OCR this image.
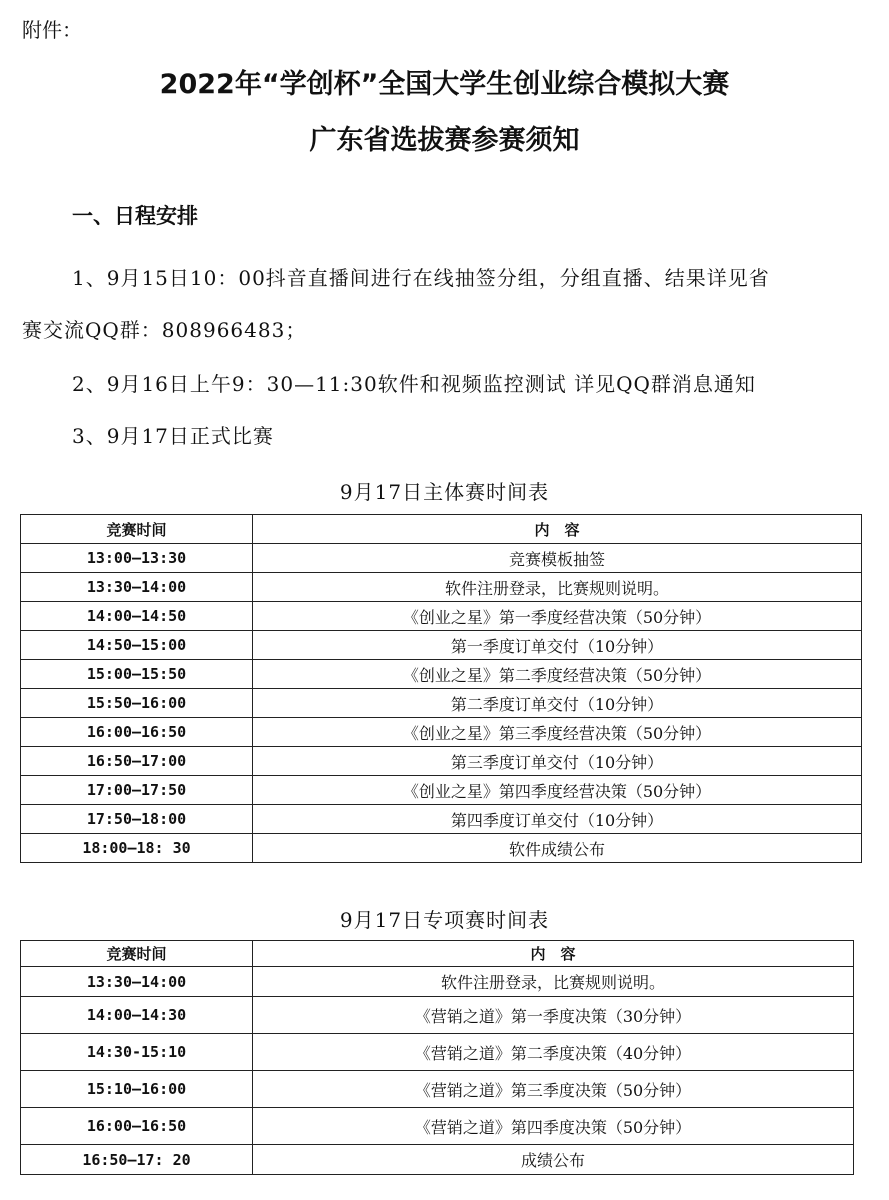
附件：
2022年“学创杯”全国大学生创业综合模拟大赛
广东省选拔赛参赛须知
一、日程安排
1、9月15日10：00抖音直播间进行在线抽签分组，分组直播、结果详见省
赛交流QQ群：808966483；
2、9月16日上午9：30—11:30软件和视频监控测试 详见QQ群消息通知
3、9月17日正式比赛
9月17日主体赛时间表
竞赛时间	内　容
13:00—13:30	竞赛模板抽签
13:30—14:00	软件注册登录，比赛规则说明。
14:00—14:50	《创业之星》第一季度经营决策（50分钟）
14:50—15:00	第一季度订单交付（10分钟）
15:00—15:50	《创业之星》第二季度经营决策（50分钟）
15:50—16:00	第二季度订单交付（10分钟）
16:00—16:50	《创业之星》第三季度经营决策（50分钟）
16:50—17:00	第三季度订单交付（10分钟）
17:00—17:50	《创业之星》第四季度经营决策（50分钟）
17:50—18:00	第四季度订单交付（10分钟）
18:00—18: 30	软件成绩公布
9月17日专项赛时间表
竞赛时间	内　容
13:30—14:00	软件注册登录，比赛规则说明。
14:00—14:30	《营销之道》第一季度决策（30分钟）
14:30-15:10	《营销之道》第二季度决策（40分钟）
15:10—16:00	《营销之道》第三季度决策（50分钟）
16:00—16:50	《营销之道》第四季度决策（50分钟）
16:50—17: 20	成绩公布
